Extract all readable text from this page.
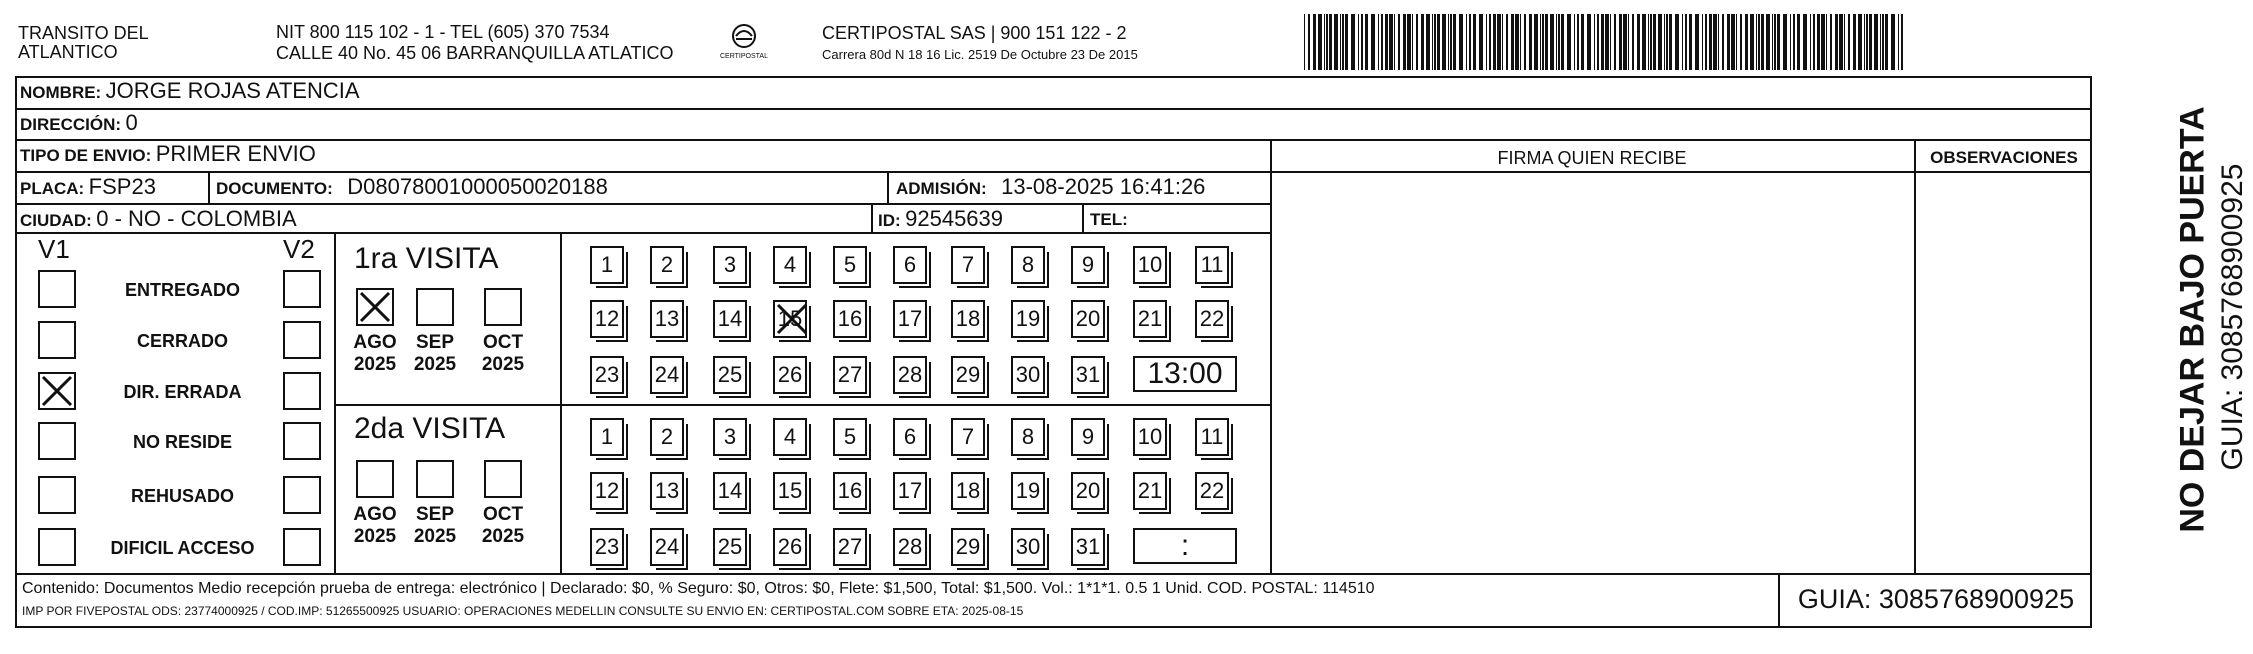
TRANSITO DEL
ATLANTICO
NIT 800 115 102 - 1 - TEL (605) 370 7534
CALLE 40 No. 45 06 BARRANQUILLA ATLATICO	CERTIPOSTAL
CERTIPOSTAL SAS | 900 151 122 - 2
Carrera 80d N 18 16 Lic. 2519 De Octubre 23 De 2015
NOMBRE: JORGE ROJAS ATENCIA
DIRECCIÓN: 0
TIPO DE ENVIO: PRIMER ENVIO	FIRMA QUIEN RECIBE	OBSERVACIONES
PLACA: FSP23	DOCUMENTO: D08078001000050020188	ADMISIÓN: 13-08-2025 16:41:26
CIUDAD: 0 - NO - COLOMBIA	ID: 92545639	TEL:
V1	V2
ENTREGADO
CERRADO
DIR. ERRADA
NO RESIDE
REHUSADO
DIFICIL ACCESO
1ra VISITA
2da VISITA
AGO
2025
SEP
2025
OCT
2025
1	2	3	4	5	6	7	8	9	10 11
12 13 14 15 16 17 18 19 20 21 22
23 24 25 26 27 28 29 30 31	13:00
AGO
2025
SEP
2025
OCT
2025
1	2	3	4	5	6	7	8	9	10 11
12 13 14 15 16 17 18 19 20 21 22
23 24 25 26 27 28 29 30 31	:
Contenido: Documentos Medio recepción prueba de entrega: electrónico | Declarado: $0, % Seguro: $0, Otros: $0, Flete: $1,500, Total: $1,500. Vol.: 1*1*1. 0.5 1 Unid. COD. POSTAL: 114510
IMP POR FIVEPOSTAL ODS: 23774000925 / COD.IMP: 51265500925 USUARIO: OPERACIONES MEDELLIN CONSULTE SU ENVIO EN: CERTIPOSTAL.COM SOBRE ETA: 2025-08-15	GUIA: 3085768900925
NO DEJAR BAJO PUERTA GUIA: 3085768900925
